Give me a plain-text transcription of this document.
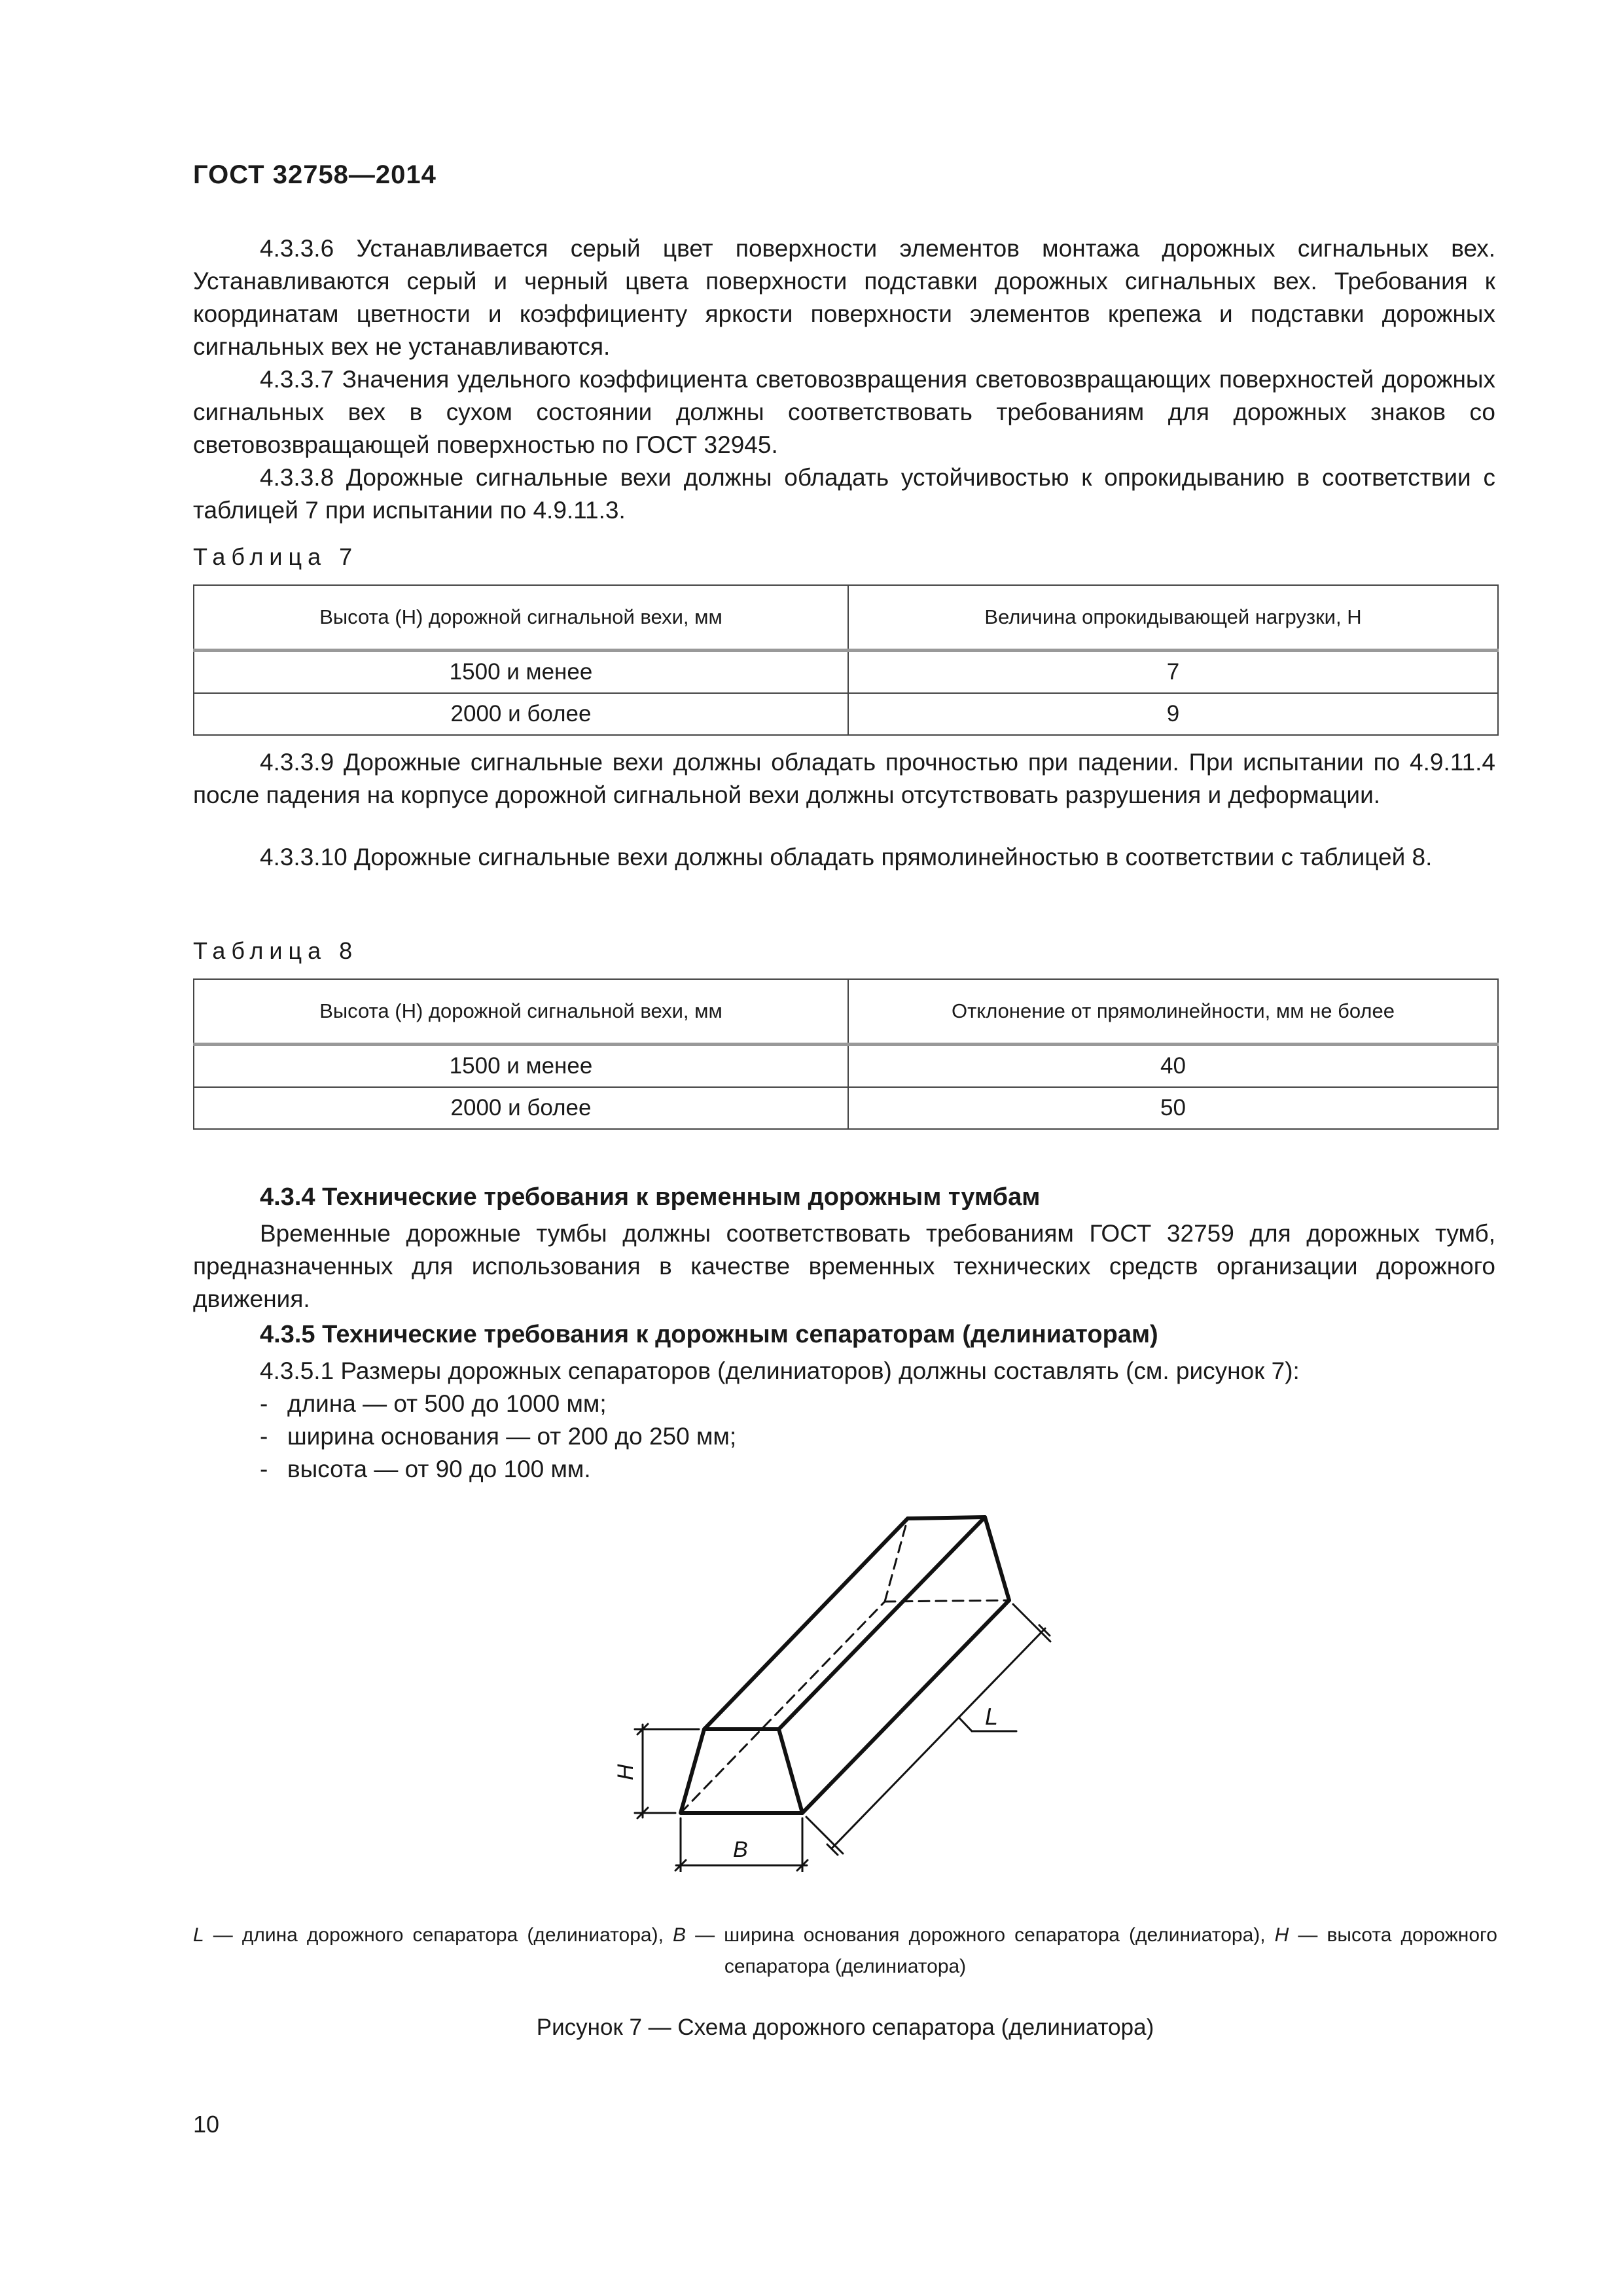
ГОСТ 32758—2014

4.3.3.6 Устанавливается серый цвет поверхности элементов монтажа дорожных сигнальных вех. Устанавливаются серый и черный цвета поверхности подставки дорожных сигнальных вех. Требования к координатам цветности и коэффициенту яркости поверхности элементов крепежа и подставки дорожных сигнальных вех не устанавливаются.

4.3.3.7 Значения удельного коэффициента световозвращения световозвращающих поверхностей дорожных сигнальных вех в сухом состоянии должны соответствовать требованиям для дорожных знаков со световозвращающей поверхностью по ГОСТ 32945.

4.3.3.8 Дорожные сигнальные вехи должны обладать устойчивостью к опрокидыванию в соответствии с таблицей 7 при испытании по 4.9.11.3.

Таблица 7
Высота (Н) дорожной сигнальной вехи, мм	Величина опрокидывающей нагрузки, Н
1500 и менее	7
2000 и более	9

4.3.3.9 Дорожные сигнальные вехи должны обладать прочностью при падении. При испытании по 4.9.11.4 после падения на корпусе дорожной сигнальной вехи должны отсутствовать разрушения и деформации.

4.3.3.10 Дорожные сигнальные вехи должны обладать прямолинейностью в соответствии с таблицей 8.

Таблица 8
Высота (Н) дорожной сигнальной вехи, мм	Отклонение от прямолинейности, мм не более
1500 и менее	40
2000 и более	50
4.3.4 Технические требования к временным дорожным тумбам

Временные дорожные тумбы должны соответствовать требованиям ГОСТ 32759 для дорожных тумб, предназначенных для использования в качестве временных технических средств организации дорожного движения.

4.3.5 Технические требования к дорожным сепараторам (делиниаторам)

4.3.5.1 Размеры дорожных сепараторов (делиниаторов) должны составлять (см. рисунок 7):

- длина — от 500 до 1000 мм;
- ширина основания — от 200 до 250 мм;
- высота — от 90 до 100 мм.
L
B
H

L — длина дорожного сепаратора (делиниатора), B — ширина основания дорожного сепаратора (делиниатора), H — высота дорожного сепаратора (делиниатора)

Рисунок 7 — Схема дорожного сепаратора (делиниатора)
10
